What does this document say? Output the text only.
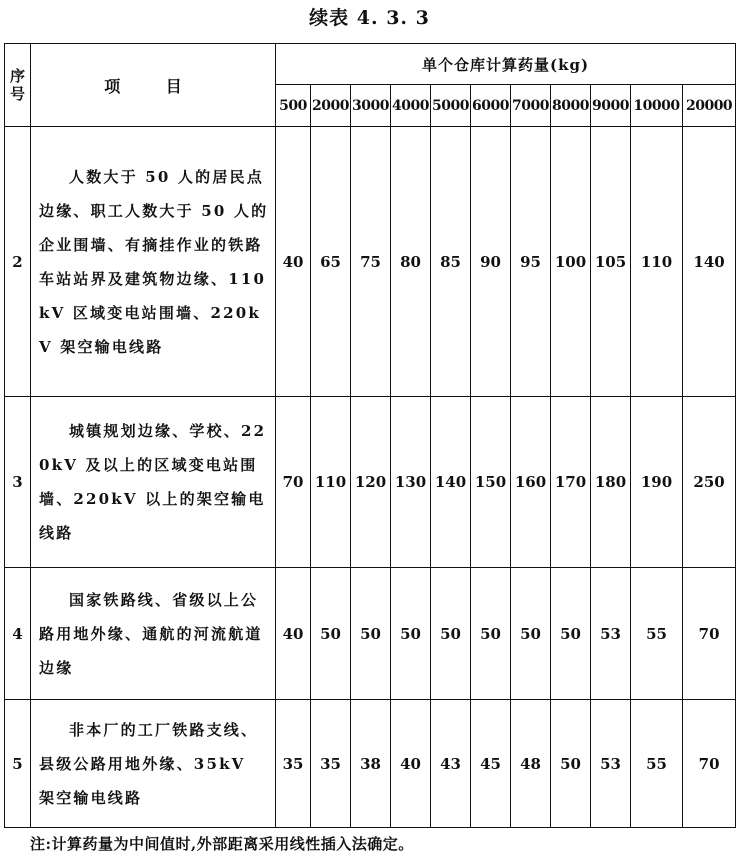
续表 4. 3. 3
序号	项 目	单个仓库计算药量(kg)										
		500	2000	3000	4000	5000	6000	7000	8000	9000	10000	20000
2	人数大于 50 人的居民点边缘、职工人数大于 50 人的企业围墙、有摘挂作业的铁路车站站界及建筑物边缘、110kV 区域变电站围墙、220kV 架空输电线路	40	65	75	80	85	90	95	100	105	110	140
3	城镇规划边缘、学校、220kV 及以上的区域变电站围墙、220kV 以上的架空输电线路	70	110	120	130	140	150	160	170	180	190	250
4	国家铁路线、省级以上公路用地外缘、通航的河流航道边缘	40	50	50	50	50	50	50	50	53	55	70
5	非本厂的工厂铁路支线、县级公路用地外缘、35kV 架空输电线路	35	35	38	40	43	45	48	50	53	55	70
注:计算药量为中间值时,外部距离采用线性插入法确定。
